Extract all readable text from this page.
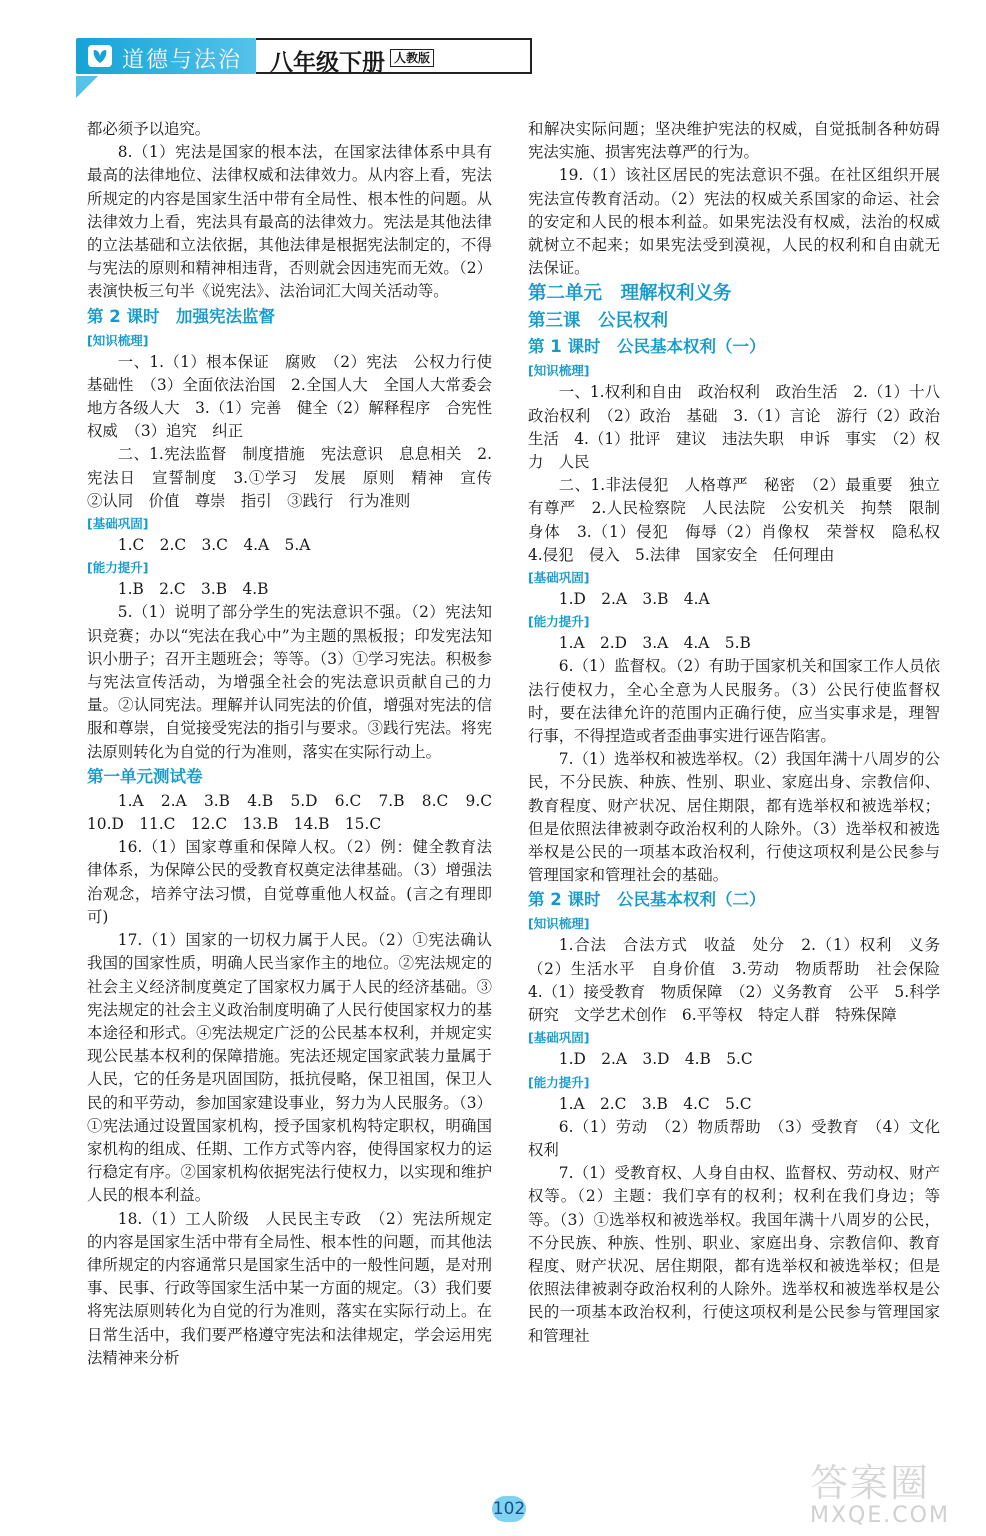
道德与法治 八年级下册 人教版

都必须予以追究。

8.（1）宪法是国家的根本法，在国家法律体系中具有最高的法律地位、法律权威和法律效力。从内容上看，宪法所规定的内容是国家生活中带有全局性、根本性的问题。从法律效力上看，宪法具有最高的法律效力。宪法是其他法律的立法基础和立法依据，其他法律是根据宪法制定的，不得与宪法的原则和精神相违背，否则就会因违宪而无效。（2）表演快板三句半《说宪法》、法治词汇大闯关活动等。

第 2 课时　加强宪法监督

[知识梳理]

一、1.（1）根本保证　腐败　（2）宪法　公权力行使　基础性　（3）全面依法治国　2.全国人大　全国人大常委会　地方各级人大　3.（1）完善　健全（2）解释程序　合宪性　权威　（3）追究　纠正

二、1.宪法监督　制度措施　宪法意识　息息相关　2.宪法日　宣誓制度　3.①学习　发展　原则　精神　宣传　②认同　价值　尊崇　指引　③践行　行为准则

[基础巩固]

1.C　2.C　3.C　4.A　5.A

[能力提升]

1.B　2.C　3.B　4.B

5.（1）说明了部分学生的宪法意识不强。（2）宪法知识竞赛；办以“宪法在我心中”为主题的黑板报；印发宪法知识小册子；召开主题班会；等等。（3）①学习宪法。积极参与宪法宣传活动，为增强全社会的宪法意识贡献自己的力量。②认同宪法。理解并认同宪法的价值，增强对宪法的信服和尊崇，自觉接受宪法的指引与要求。③践行宪法。将宪法原则转化为自觉的行为准则，落实在实际行动上。

第一单元测试卷

1.A　2.A　3.B　4.B　5.D　6.C　7.B　8.C　9.C　10.D　11.C　12.C　13.B　14.B　15.C

16.（1）国家尊重和保障人权。（2）例：健全教育法律体系，为保障公民的受教育权奠定法律基础。（3）增强法治观念，培养守法习惯，自觉尊重他人权益。(言之有理即可)

17.（1）国家的一切权力属于人民。（2）①宪法确认我国的国家性质，明确人民当家作主的地位。②宪法规定的社会主义经济制度奠定了国家权力属于人民的经济基础。③宪法规定的社会主义政治制度明确了人民行使国家权力的基本途径和形式。④宪法规定广泛的公民基本权利，并规定实现公民基本权利的保障措施。宪法还规定国家武装力量属于人民，它的任务是巩固国防，抵抗侵略，保卫祖国，保卫人民的和平劳动，参加国家建设事业，努力为人民服务。（3）①宪法通过设置国家机构，授予国家机构特定职权，明确国家机构的组成、任期、工作方式等内容，使得国家权力的运行稳定有序。②国家机构依据宪法行使权力，以实现和维护人民的根本利益。

18.（1）工人阶级　人民民主专政　（2）宪法所规定的内容是国家生活中带有全局性、根本性的问题，而其他法律所规定的内容通常只是国家生活中的一般性问题，是对刑事、民事、行政等国家生活中某一方面的规定。（3）我们要将宪法原则转化为自觉的行为准则，落实在实际行动上。在日常生活中，我们要严格遵守宪法和法律规定，学会运用宪法精神来分析

和解决实际问题；坚决维护宪法的权威，自觉抵制各种妨碍宪法实施、损害宪法尊严的行为。

19.（1）该社区居民的宪法意识不强。在社区组织开展宪法宣传教育活动。（2）宪法的权威关系国家的命运、社会的安定和人民的根本利益。如果宪法没有权威，法治的权威就树立不起来；如果宪法受到漠视，人民的权利和自由就无法保证。

第二单元　理解权利义务

第三课　公民权利

第 1 课时　公民基本权利（一）

[知识梳理]

一、1.权利和自由　政治权利　政治生活　2.（1）十八　政治权利　（2）政治　基础　3.（1）言论　游行（2）政治生活　4.（1）批评　建议　违法失职　申诉　事实　（2）权力　人民

二、1.非法侵犯　人格尊严　秘密　（2）最重要　独立　有尊严　2.人民检察院　人民法院　公安机关　拘禁　限制　身体　3.（1）侵犯　侮辱（2）肖像权　荣誉权　隐私权　4.侵犯　侵入　5.法律　国家安全　任何理由

[基础巩固]

1.D　2.A　3.B　4.A

[能力提升]

1.A　2.D　3.A　4.A　5.B

6.（1）监督权。（2）有助于国家机关和国家工作人员依法行使权力，全心全意为人民服务。（3）公民行使监督权时，要在法律允许的范围内正确行使，应当实事求是，理智行事，不得捏造或者歪曲事实进行诬告陷害。

7.（1）选举权和被选举权。（2）我国年满十八周岁的公民，不分民族、种族、性别、职业、家庭出身、宗教信仰、教育程度、财产状况、居住期限，都有选举权和被选举权；但是依照法律被剥夺政治权利的人除外。（3）选举权和被选举权是公民的一项基本政治权利，行使这项权利是公民参与管理国家和管理社会的基础。

第 2 课时　公民基本权利（二）

[知识梳理]

1.合法　合法方式　收益　处分　2.（1）权利　义务　（2）生活水平　自身价值　3.劳动　物质帮助　社会保险　4.（1）接受教育　物质保障　（2）义务教育　公平　5.科学研究　文学艺术创作　6.平等权　特定人群　特殊保障

[基础巩固]

1.D　2.A　3.D　4.B　5.C

[能力提升]

1.A　2.C　3.B　4.C　5.C

6.（1）劳动　（2）物质帮助　（3）受教育　（4）文化权利

7.（1）受教育权、人身自由权、监督权、劳动权、财产权等。（2）主题：我们享有的权利；权利在我们身边；等等。（3）①选举权和被选举权。我国年满十八周岁的公民，不分民族、种族、性别、职业、家庭出身、宗教信仰、教育程度、财产状况、居住期限，都有选举权和被选举权；但是依照法律被剥夺政治权利的人除外。选举权和被选举权是公民的一项基本政治权利，行使这项权利是公民参与管理国家和管理社

102
答案圈
MXQE.COM
